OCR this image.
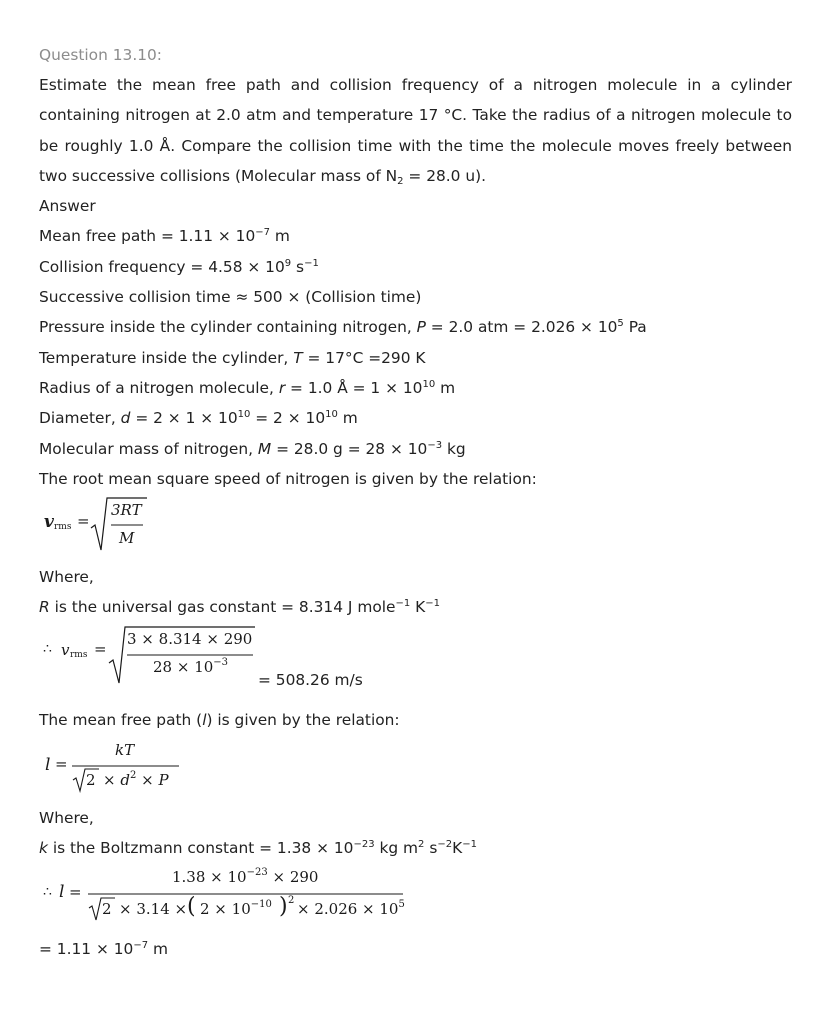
Question 13.10:
Estimate the mean free path and collision frequency of a nitrogen molecule in a cylinder containing nitrogen at 2.0 atm and temperature 17 °C. Take the radius of a nitrogen molecule to be roughly 1.0 Å. Compare the collision time with the time the molecule moves freely between two successive collisions (Molecular mass of $N_2 = 28.0$ u).
Answer
Mean free path = $1.11 \times 10^{-7}$ m
Collision frequency = $4.58 \times 10^9$ $s^{-1}$
Successive collision time ≈ 500 × (Collision time)
Pressure inside the cylinder containing nitrogen, P = 2.0 atm = $2.026 \times 10^5$ Pa
Temperature inside the cylinder, T = 17°C =290 K
Radius of a nitrogen molecule, r = 1.0 Å = $1 \times 10^{10}$ m
Diameter, $d = 2 \times 1 \times 10^{10} = 2 \times 10^{10}$ m
Molecular mass of nitrogen, M = 28.0 $g = 28 \times 10^{-3}$ kg
The root mean square speed of nitrogen is given by the relation:
v rms =
3RT
M
Where,
R is the universal gas constant = 8.314 J mole$^{-1}$ $K^{-1}$
∴ v rms =
3 × 8.314 × 290
$28 \times 10^{-3}$
= 508.26 m/s
The mean free path (l) is given by the relation:
l =
kT
$2 \times d^2 \times P$
Where,
k is the Boltzmann constant = $1.38 \times 10^{-23}$ kg $m^2$ $s^{-2}K^{-1}$
∴ l =
$1.38 \times 10^{-23} \times 290$
2 × 3.14 × ( $2 \times 10^{-10}$ ) $2 \times 2.026 \times 10^5$
= $1.11 \times 10^{-7}$ m
